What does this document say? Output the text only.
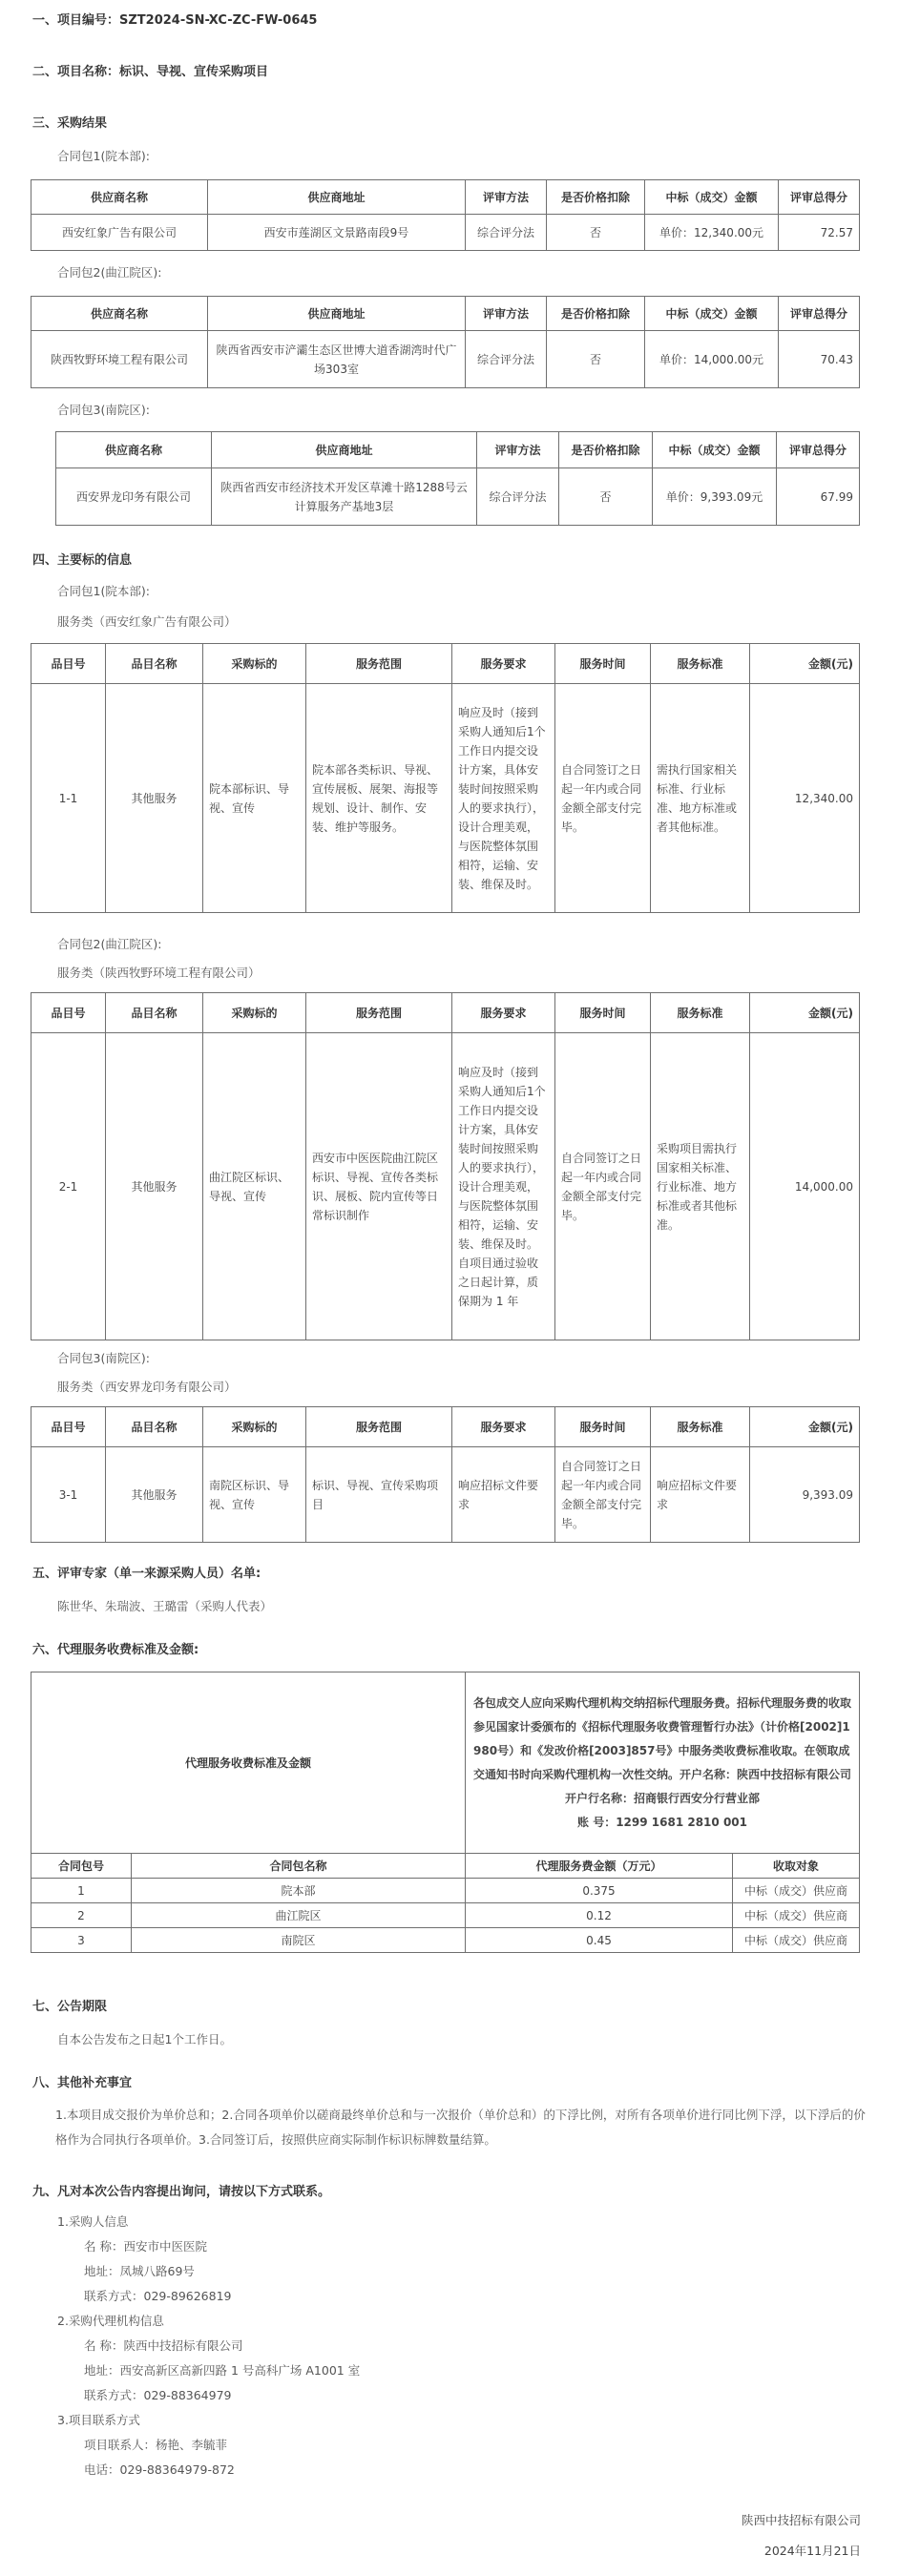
一、项目编号：SZT2024-SN-XC-ZC-FW-0645
二、项目名称：标识、导视、宣传采购项目
三、采购结果
合同包1(院本部):
供应商名称	供应商地址	评审方法	是否价格扣除	中标（成交）金额	评审总得分
西安红象广告有限公司	西安市莲湖区文景路南段9号	综合评分法	否	单价：12,340.00元	72.57
合同包2(曲江院区):
供应商名称	供应商地址	评审方法	是否价格扣除	中标（成交）金额	评审总得分
陕西牧野环境工程有限公司	陕西省西安市浐灞生态区世博大道香湖湾时代广场303室	综合评分法	否	单价：14,000.00元	70.43
合同包3(南院区):
供应商名称	供应商地址	评审方法	是否价格扣除	中标（成交）金额	评审总得分
西安界龙印务有限公司	陕西省西安市经济技术开发区草滩十路1288号云计算服务产基地3层	综合评分法	否	单价：9,393.09元	67.99
四、主要标的信息
合同包1(院本部):
服务类（西安红象广告有限公司）
品目号	品目名称	采购标的	服务范围	服务要求	服务时间	服务标准	金额(元)
1-1	其他服务	院本部标识、导视、宣传	院本部各类标识、导视、宣传展板、展架、海报等规划、设计、制作、安装、维护等服务。	响应及时（接到采购人通知后1个工作日内提交设计方案，具体安装时间按照采购人的要求执行），设计合理美观，与医院整体氛围相符，运输、安装、维保及时。	自合同签订之日起一年内或合同金额全部支付完毕。	需执行国家相关标准、行业标准、地方标准或者其他标准。	12,340.00
合同包2(曲江院区):
服务类（陕西牧野环境工程有限公司）
品目号	品目名称	采购标的	服务范围	服务要求	服务时间	服务标准	金额(元)
2-1	其他服务	曲江院区标识、导视、宣传	西安市中医医院曲江院区标识、导视、宣传各类标识、展板、院内宣传等日常标识制作	响应及时（接到采购人通知后1个工作日内提交设计方案，具体安装时间按照采购人的要求执行），设计合理美观，与医院整体氛围相符，运输、安装、维保及时。自项目通过验收之日起计算，质保期为 1 年	自合同签订之日起一年内或合同金额全部支付完毕。	采购项目需执行国家相关标准、行业标准、地方标准或者其他标准。	14,000.00
合同包3(南院区):
服务类（西安界龙印务有限公司）
品目号	品目名称	采购标的	服务范围	服务要求	服务时间	服务标准	金额(元)
3-1	其他服务	南院区标识、导视、宣传	标识、导视、宣传采购项目	响应招标文件要求	自合同签订之日起一年内或合同金额全部支付完毕。	响应招标文件要求	9,393.09
五、评审专家（单一来源采购人员）名单:
陈世华、朱瑞波、王璐雷（采购人代表）
六、代理服务收费标准及金额:
代理服务收费标准及金额		各包成交人应向采购代理机构交纳招标代理服务费。招标代理服务费的收取参见国家计委颁布的《招标代理服务收费管理暂行办法》（计价格[2002]1980号）和《发改价格[2003]857号》中服务类收费标准收取。在领取成交通知书时向采购代理机构一次性交纳。开户名称：陕西中技招标有限公司

开户行名称：招商银行西安分行营业部
账 号：1299 1681 2810 001	

合同包号	合同包名称	代理服务费金额（万元）	收取对象
1	院本部	0.375	中标（成交）供应商
2	曲江院区	0.12	中标（成交）供应商
3	南院区	0.45	中标（成交）供应商
七、公告期限
自本公告发布之日起1个工作日。
八、其他补充事宜
1.本项目成交报价为单价总和；2.合同各项单价以磋商最终单价总和与一次报价（单价总和）的下浮比例，对所有各项单价进行同比例下浮，以下浮后的价格作为合同执行各项单价。3.合同签订后，按照供应商实际制作标识标牌数量结算。
九、凡对本次公告内容提出询问，请按以下方式联系。
1.采购人信息
名 称：西安市中医医院
地址：凤城八路69号
联系方式：029-89626819
2.采购代理机构信息
名 称：陕西中技招标有限公司
地址：西安高新区高新四路 1 号高科广场 A1001 室
联系方式：029-88364979
3.项目联系方式
项目联系人：杨艳、李毓菲
电话：029-88364979-872
陕西中技招标有限公司
2024年11月21日
